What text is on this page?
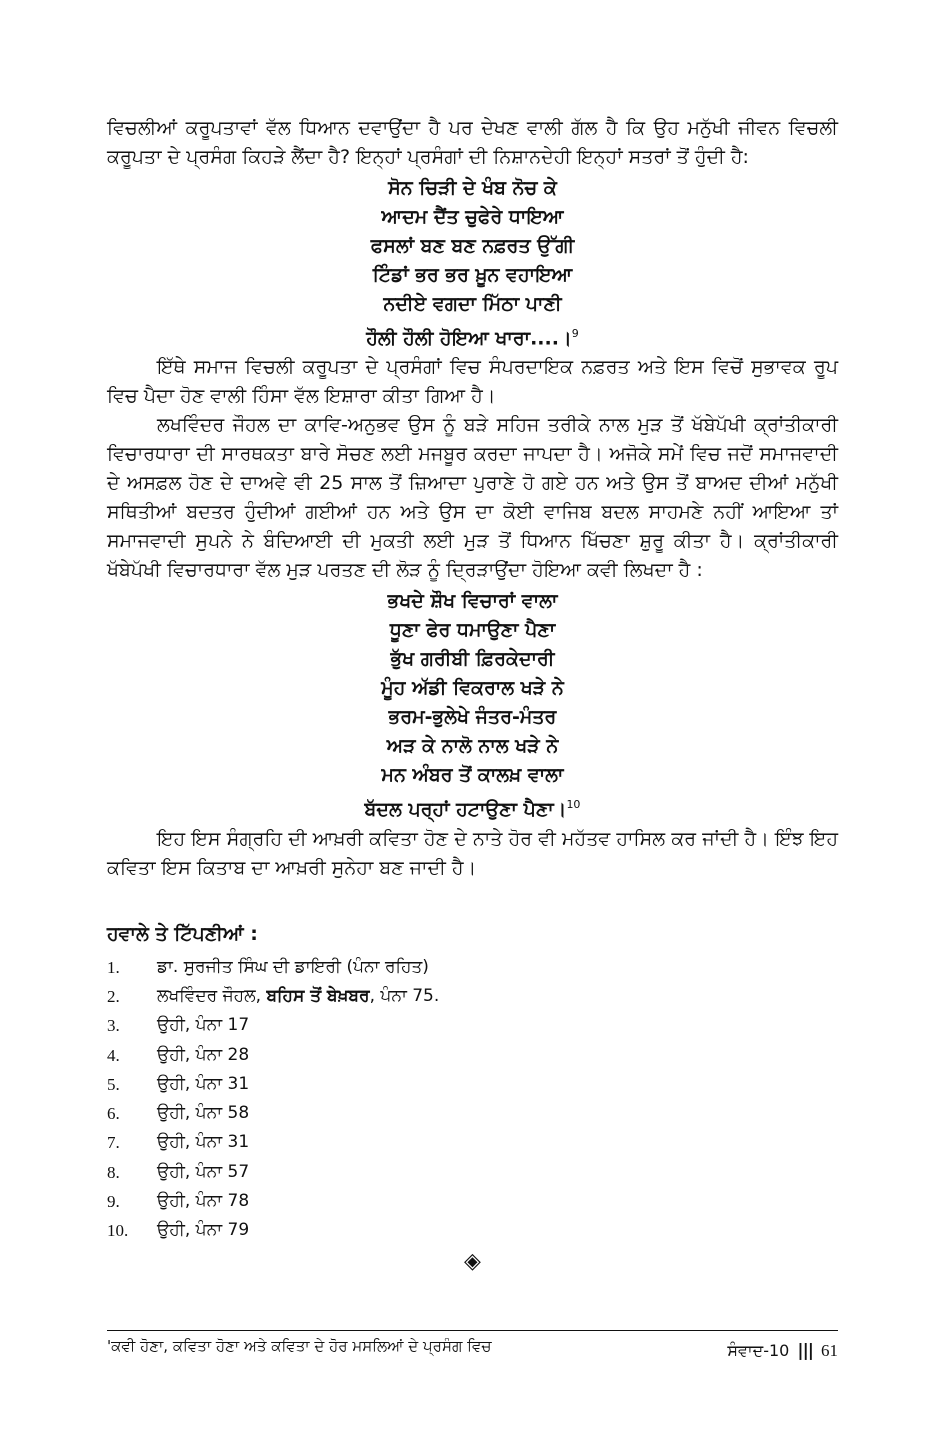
ਵਿਚਲੀਆਂ ਕਰੂਪਤਾਵਾਂ ਵੱਲ ਧਿਆਨ ਦਵਾਉਂਦਾ ਹੈ ਪਰ ਦੇਖਣ ਵਾਲੀ ਗੱਲ ਹੈ ਕਿ ਉਹ ਮਨੁੱਖੀ ਜੀਵਨ ਵਿਚਲੀ ਕਰੂਪਤਾ ਦੇ ਪ੍ਰਸੰਗ ਕਿਹੜੇ ਲੈਂਦਾ ਹੈ? ਇਨ੍ਹਾਂ ਪ੍ਰਸੰਗਾਂ ਦੀ ਨਿਸ਼ਾਨਦੇਹੀ ਇਨ੍ਹਾਂ ਸਤਰਾਂ ਤੋਂ ਹੁੰਦੀ ਹੈ:

ਸੋਨ ਚਿੜੀ ਦੇ ਖੰਬ ਨੋਚ ਕੇ
ਆਦਮ ਦੈਂਤ ਚੁਫੇਰੇ ਧਾਇਆ
ਫਸਲਾਂ ਬਣ ਬਣ ਨਫ਼ਰਤ ਉੱਗੀ
ਟਿੰਡਾਂ ਭਰ ਭਰ ਖ਼ੂਨ ਵਹਾਇਆ
ਨਦੀਏ ਵਗਦਾ ਮਿੱਠਾ ਪਾਣੀ
ਹੌਲੀ ਹੌਲੀ ਹੋਇਆ ਖਾਰਾ....।$^9$

ਇੱਥੇ ਸਮਾਜ ਵਿਚਲੀ ਕਰੂਪਤਾ ਦੇ ਪ੍ਰਸੰਗਾਂ ਵਿਚ ਸੰਪਰਦਾਇਕ ਨਫ਼ਰਤ ਅਤੇ ਇਸ ਵਿਚੋਂ ਸੁਭਾਵਕ ਰੂਪ ਵਿਚ ਪੈਦਾ ਹੋਣ ਵਾਲੀ ਹਿੰਸਾ ਵੱਲ ਇਸ਼ਾਰਾ ਕੀਤਾ ਗਿਆ ਹੈ।

ਲਖਵਿੰਦਰ ਜੌਹਲ ਦਾ ਕਾਵਿ-ਅਨੁਭਵ ਉਸ ਨੂੰ ਬੜੇ ਸਹਿਜ ਤਰੀਕੇ ਨਾਲ ਮੁੜ ਤੋਂ ਖੱਬੇਪੱਖੀ ਕ੍ਰਾਂਤੀਕਾਰੀ ਵਿਚਾਰਧਾਰਾ ਦੀ ਸਾਰਥਕਤਾ ਬਾਰੇ ਸੋਚਣ ਲਈ ਮਜਬੂਰ ਕਰਦਾ ਜਾਪਦਾ ਹੈ। ਅਜੋਕੇ ਸਮੇਂ ਵਿਚ ਜਦੋਂ ਸਮਾਜਵਾਦੀ ਦੇ ਅਸਫ਼ਲ ਹੋਣ ਦੇ ਦਾਅਵੇ ਵੀ 25 ਸਾਲ ਤੋਂ ਜ਼ਿਆਦਾ ਪੁਰਾਣੇ ਹੋ ਗਏ ਹਨ ਅਤੇ ਉਸ ਤੋਂ ਬਾਅਦ ਦੀਆਂ ਮਨੁੱਖੀ ਸਥਿਤੀਆਂ ਬਦਤਰ ਹੁੰਦੀਆਂ ਗਈਆਂ ਹਨ ਅਤੇ ਉਸ ਦਾ ਕੋਈ ਵਾਜਿਬ ਬਦਲ ਸਾਹਮਣੇ ਨਹੀਂ ਆਇਆ ਤਾਂ ਸਮਾਜਵਾਦੀ ਸੁਪਨੇ ਨੇ ਬੰਦਿਆਈ ਦੀ ਮੁਕਤੀ ਲਈ ਮੁੜ ਤੋਂ ਧਿਆਨ ਖਿੱਚਣਾ ਸ਼ੁਰੂ ਕੀਤਾ ਹੈ। ਕ੍ਰਾਂਤੀਕਾਰੀ ਖੱਬੇਪੱਖੀ ਵਿਚਾਰਧਾਰਾ ਵੱਲ ਮੁੜ ਪਰਤਣ ਦੀ ਲੋੜ ਨੂੰ ਦ੍ਰਿੜਾਉਂਦਾ ਹੋਇਆ ਕਵੀ ਲਿਖਦਾ ਹੈ :

ਭਖਦੇ ਸ਼ੌਖ ਵਿਚਾਰਾਂ ਵਾਲਾ
ਧੂਣਾ ਫੇਰ ਧਮਾਉਣਾ ਪੈਣਾ
ਭੁੱਖ ਗਰੀਬੀ ਫ਼ਿਰਕੇਦਾਰੀ
ਮੂੰਹ ਅੱਡੀ ਵਿਕਰਾਲ ਖੜੇ ਨੇ
ਭਰਮ-ਭੁਲੇਖੇ ਜੰਤਰ-ਮੰਤਰ
ਅੜ ਕੇ ਨਾਲੋ ਨਾਲ ਖੜੇ ਨੇ
ਮਨ ਅੰਬਰ ਤੋਂ ਕਾਲਖ਼ ਵਾਲਾ
ਬੱਦਲ ਪਰ੍ਹਾਂ ਹਟਾਉਣਾ ਪੈਣਾ।$^{10}$

ਇਹ ਇਸ ਸੰਗ੍ਰਹਿ ਦੀ ਆਖ਼ਰੀ ਕਵਿਤਾ ਹੋਣ ਦੇ ਨਾਤੇ ਹੋਰ ਵੀ ਮਹੱਤਵ ਹਾਸਿਲ ਕਰ ਜਾਂਦੀ ਹੈ। ਇੰਝ ਇਹ ਕਵਿਤਾ ਇਸ ਕਿਤਾਬ ਦਾ ਆਖ਼ਰੀ ਸੁਨੇਹਾ ਬਣ ਜਾਦੀ ਹੈ।

ਹਵਾਲੇ ਤੇ ਟਿੱਪਣੀਆਂ :
1.	ਡਾ. ਸੁਰਜੀਤ ਸਿੰਘ ਦੀ ਡਾਇਰੀ (ਪੰਨਾ ਰਹਿਤ)
2.	ਲਖਵਿੰਦਰ ਜੌਹਲ, ਬਹਿਸ ਤੋਂ ਬੇਖ਼ਬਰ, ਪੰਨਾ 75.
3.	ਉਹੀ, ਪੰਨਾ 17
4.	ਉਹੀ, ਪੰਨਾ 28
5.	ਉਹੀ, ਪੰਨਾ 31
6.	ਉਹੀ, ਪੰਨਾ 58
7.	ਉਹੀ, ਪੰਨਾ 31
8.	ਉਹੀ, ਪੰਨਾ 57
9.	ਉਹੀ, ਪੰਨਾ 78
10.	ਉਹੀ, ਪੰਨਾ 79
◈
'ਕਵੀ ਹੋਣਾ, ਕਵਿਤਾ ਹੋਣਾ ਅਤੇ ਕਵਿਤਾ ਦੇ ਹੋਰ ਮਸਲਿਆਂ ਦੇ ਪ੍ਰਸੰਗ ਵਿਚ	ਸੰਵਾਦ-10 ||| 61
